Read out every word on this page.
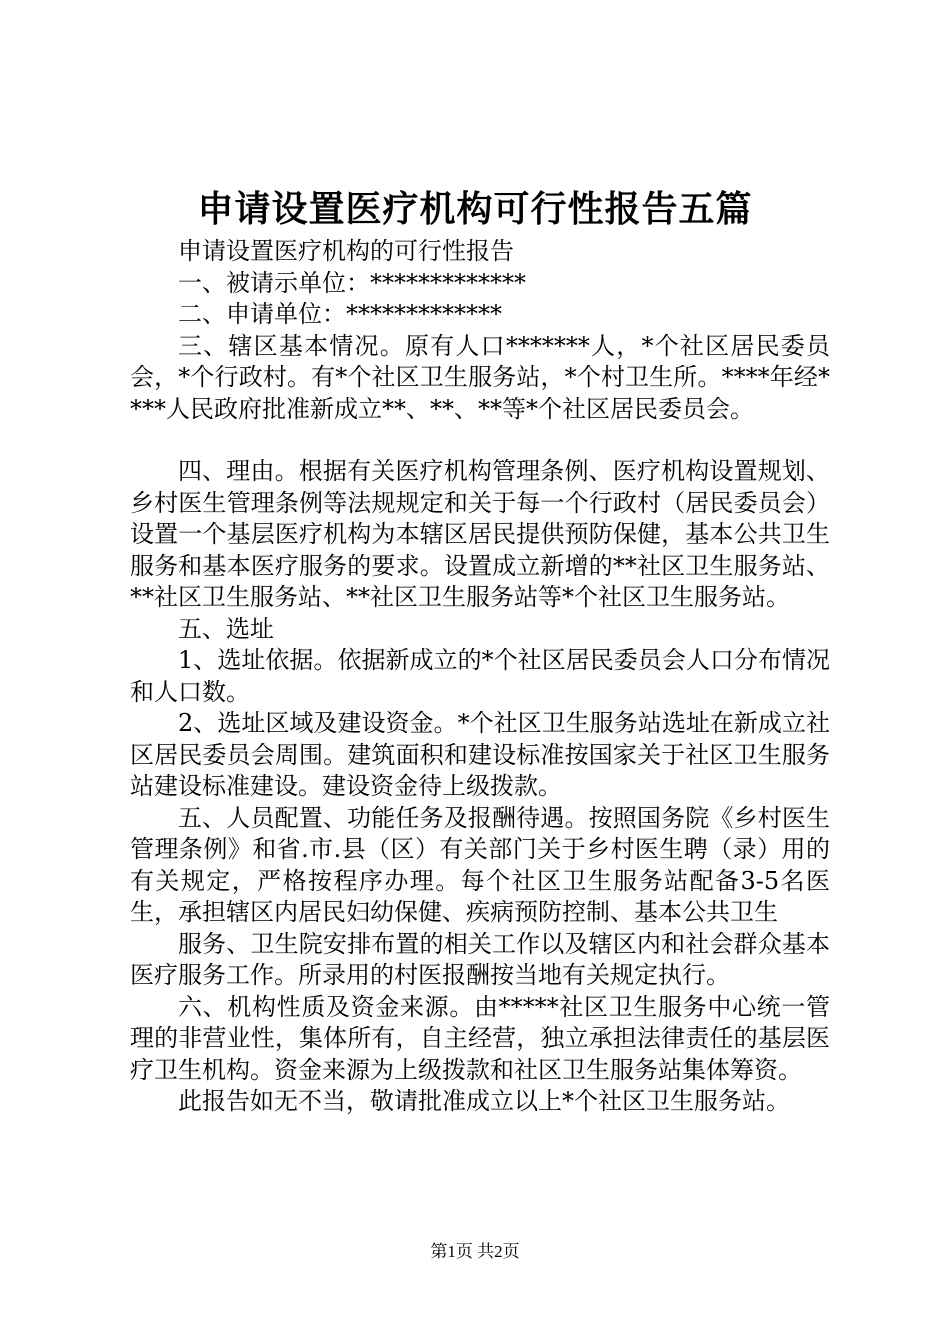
申请设置医疗机构可行性报告五篇

申请设置医疗机构的可行性报告

一、被请示单位：*************

二、申请单位：*************

三、辖区基本情况。原有人口*******人，*个社区居民委员会，*个行政村。有*个社区卫生服务站，*个村卫生所。****年经****人民政府批准新成立**、**、**等*个社区居民委员会。

四、理由。根据有关医疗机构管理条例、医疗机构设置规划、乡村医生管理条例等法规规定和关于每一个行政村（居民委员会）设置一个基层医疗机构为本辖区居民提供预防保健，基本公共卫生服务和基本医疗服务的要求。设置成立新增的**社区卫生服务站、**社区卫生服务站、**社区卫生服务站等*个社区卫生服务站。

五、选址

1、选址依据。依据新成立的*个社区居民委员会人口分布情况和人口数。

2、选址区域及建设资金。*个社区卫生服务站选址在新成立社区居民委员会周围。建筑面积和建设标准按国家关于社区卫生服务站建设标准建设。建设资金待上级拨款。

五、人员配置、功能任务及报酬待遇。按照国务院《乡村医生管理条例》和省.市.县（区）有关部门关于乡村医生聘（录）用的有关规定，严格按程序办理。每个社区卫生服务站配备3-5名医生，承担辖区内居民妇幼保健、疾病预防控制、基本公共卫生

服务、卫生院安排布置的相关工作以及辖区内和社会群众基本医疗服务工作。所录用的村医报酬按当地有关规定执行。

六、机构性质及资金来源。由*****社区卫生服务中心统一管理的非营业性，集体所有，自主经营，独立承担法律责任的基层医疗卫生机构。资金来源为上级拨款和社区卫生服务站集体筹资。

此报告如无不当，敬请批准成立以上*个社区卫生服务站。

第1页 共2页
